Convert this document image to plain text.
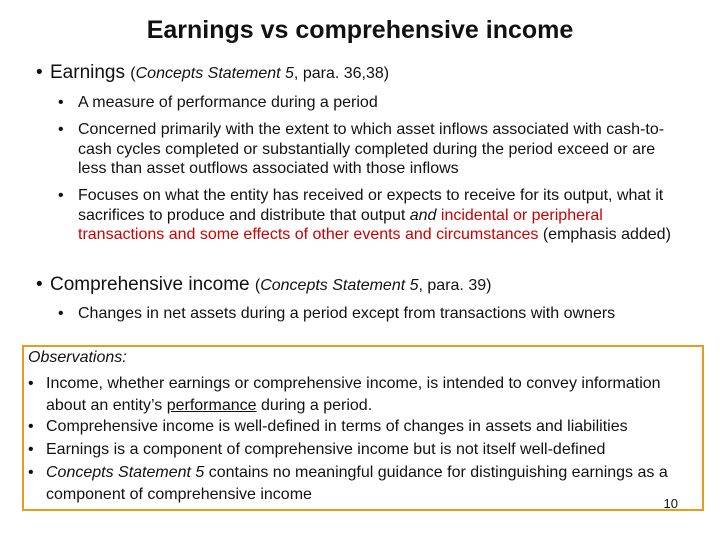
Earnings vs comprehensive income
• Earnings (Concepts Statement 5, para. 36,38)
• A measure of performance during a period
• Concerned primarily with the extent to which asset inflows associated with cash-to-cash cycles completed or substantially completed during the period exceed or are less than asset outflows associated with those inflows
• Focuses on what the entity has received or expects to receive for its output, what it sacrifices to produce and distribute that output and incidental or peripheral transactions and some effects of other events and circumstances (emphasis added)
• Comprehensive income (Concepts Statement 5, para. 39)
• Changes in net assets during a period except from transactions with owners
Observations:
• Income, whether earnings or comprehensive income, is intended to convey information about an entity’s performance during a period.
• Comprehensive income is well-defined in terms of changes in assets and liabilities
• Earnings is a component of comprehensive income but is not itself well-defined
• Concepts Statement 5 contains no meaningful guidance for distinguishing earnings as a component of comprehensive income
10
